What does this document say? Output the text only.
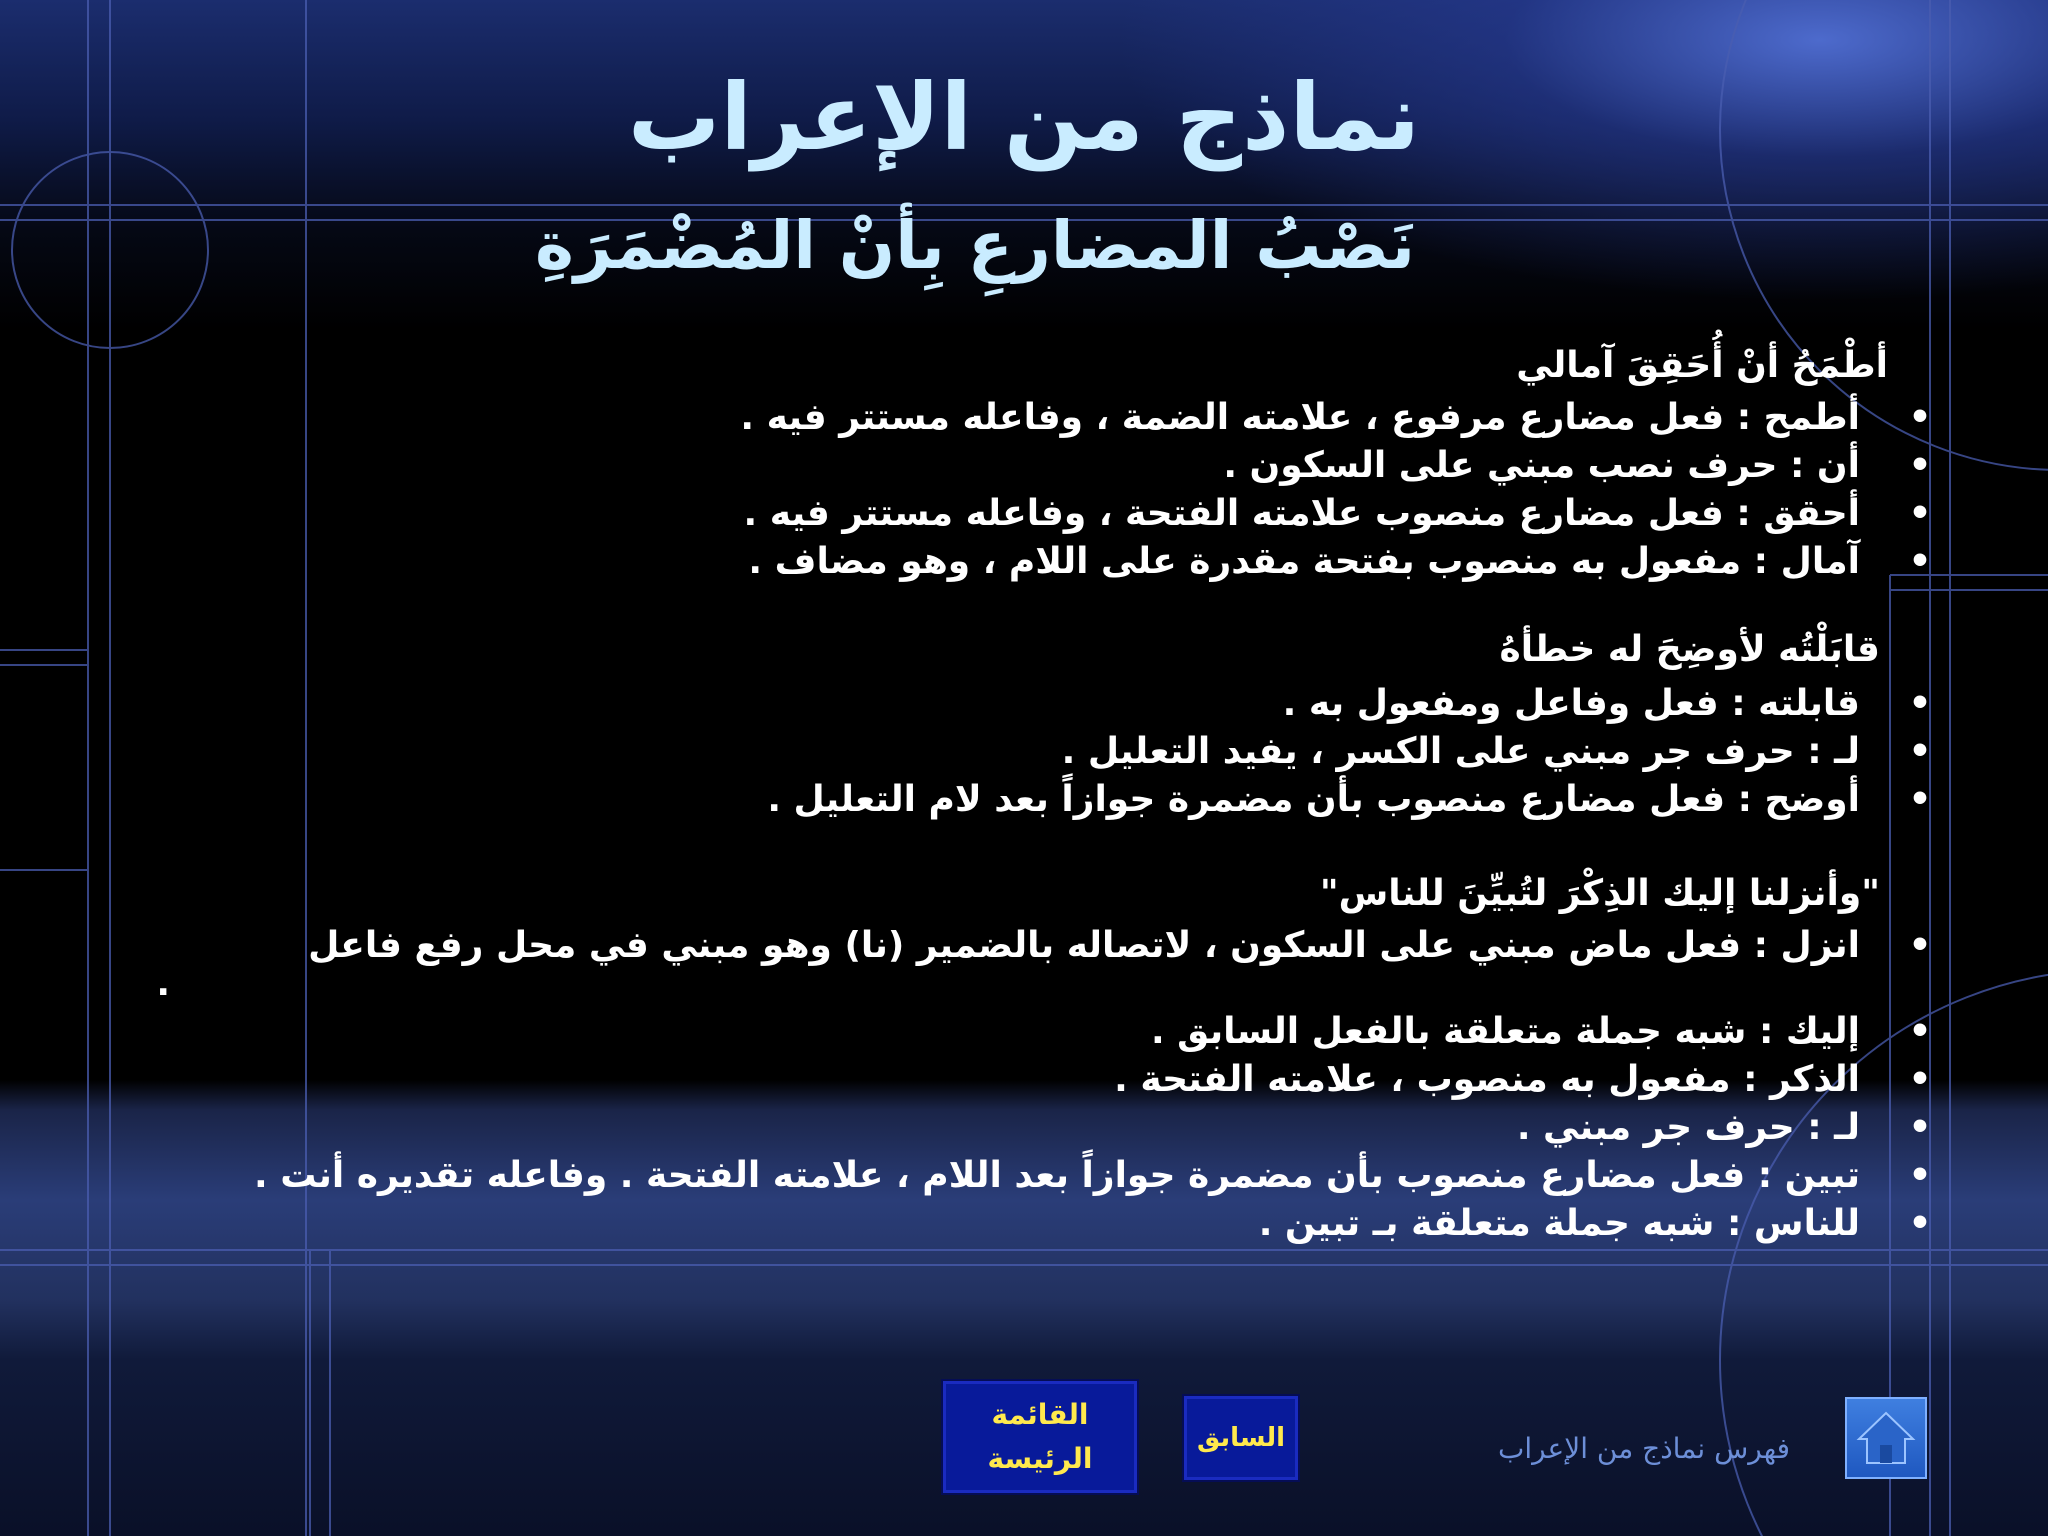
نماذج من الإعراب
نَصْبُ المضارعِ بِأنْ المُضْمَرَةِ
أطْمَحُ أنْ أُحَقِقَ آمالي
•
أطمح : فعل مضارع مرفوع ، علامته الضمة ، وفاعله مستتر فيه .
•
أن : حرف نصب مبني على السكون .
•
أحقق : فعل مضارع منصوب علامته الفتحة ، وفاعله مستتر فيه .
•
آمال : مفعول به منصوب بفتحة مقدرة على اللام ، وهو مضاف .
قابَلْتُه لأوضِحَ له خطأهُ
•
قابلته : فعل وفاعل ومفعول به .
•
لـ : حرف جر مبني على الكسر ، يفيد التعليل .
•
أوضح : فعل مضارع منصوب بأن مضمرة جوازاً بعد لام التعليل .
"وأنزلنا إليك الذِكْرَ لتُبيِّنَ للناس"
•
انزل : فعل ماض مبني على السكون ، لاتصاله بالضمير (نا) وهو مبني في محل رفع فاعل
.
•
إليك : شبه جملة متعلقة بالفعل السابق .
•
الذكر : مفعول به منصوب ، علامته الفتحة .
•
لـ : حرف جر مبني .
•
تبين : فعل مضارع منصوب بأن مضمرة جوازاً بعد اللام ، علامته الفتحة . وفاعله تقديره أنت .
•
للناس : شبه جملة متعلقة بـ تبين .
القائمة
الرئيسة
السابق	فهرس نماذج من الإعراب
